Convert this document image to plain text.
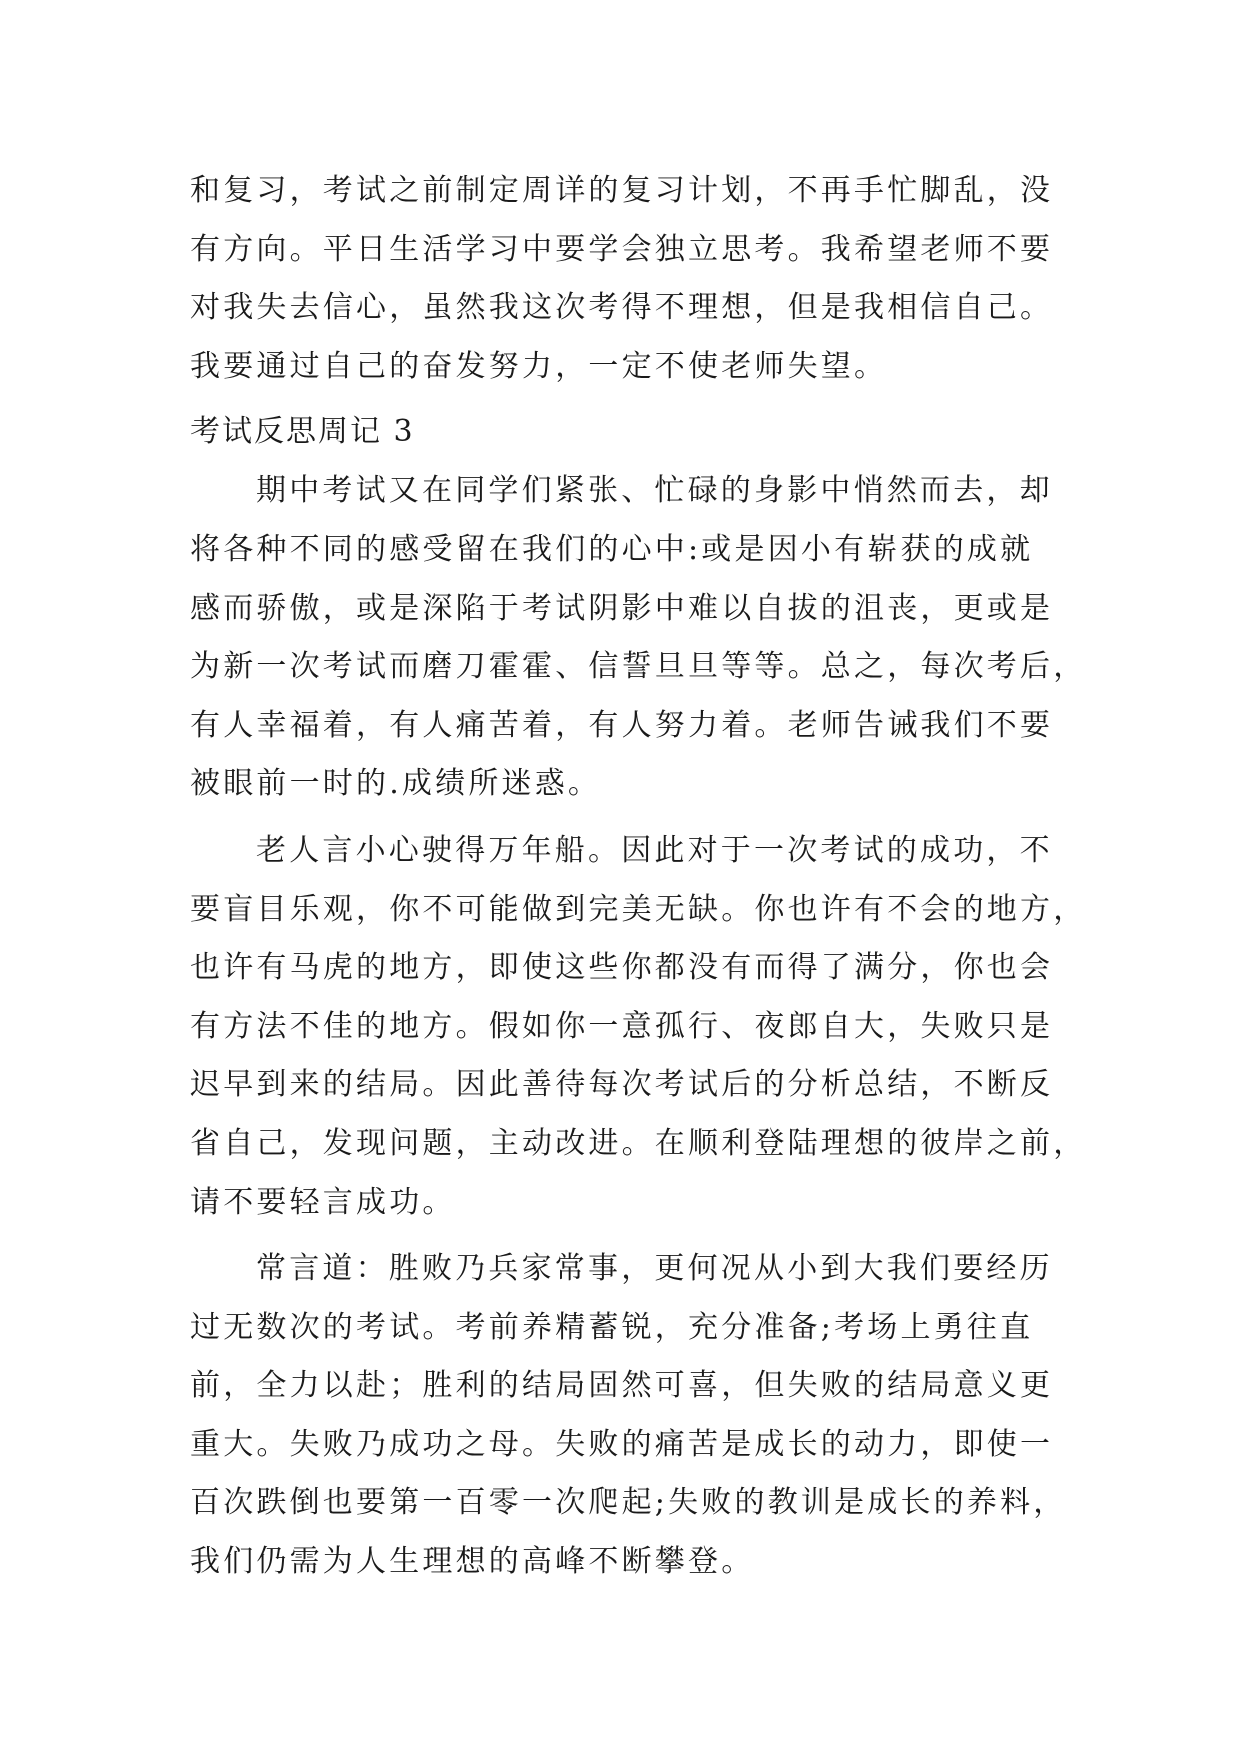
和复习，考试之前制定周详的复习计划，不再手忙脚乱，没
有方向。平日生活学习中要学会独立思考。我希望老师不要
对我失去信心，虽然我这次考得不理想，但是我相信自己。
我要通过自己的奋发努力，一定不使老师失望。
考试反思周记 3
期中考试又在同学们紧张、忙碌的身影中悄然而去，却
将各种不同的感受留在我们的心中:或是因小有崭获的成就
感而骄傲，或是深陷于考试阴影中难以自拔的沮丧，更或是
为新一次考试而磨刀霍霍、信誓旦旦等等。总之，每次考后，
有人幸福着，有人痛苦着，有人努力着。老师告诫我们不要
被眼前一时的.成绩所迷惑。
老人言小心驶得万年船。因此对于一次考试的成功，不
要盲目乐观，你不可能做到完美无缺。你也许有不会的地方，
也许有马虎的地方，即使这些你都没有而得了满分，你也会
有方法不佳的地方。假如你一意孤行、夜郎自大，失败只是
迟早到来的结局。因此善待每次考试后的分析总结，不断反
省自己，发现问题，主动改进。在顺利登陆理想的彼岸之前，
请不要轻言成功。
常言道：胜败乃兵家常事，更何况从小到大我们要经历
过无数次的考试。考前养精蓄锐，充分准备;考场上勇往直
前，全力以赴；胜利的结局固然可喜，但失败的结局意义更
重大。失败乃成功之母。失败的痛苦是成长的动力，即使一
百次跌倒也要第一百零一次爬起;失败的教训是成长的养料，
我们仍需为人生理想的高峰不断攀登。
